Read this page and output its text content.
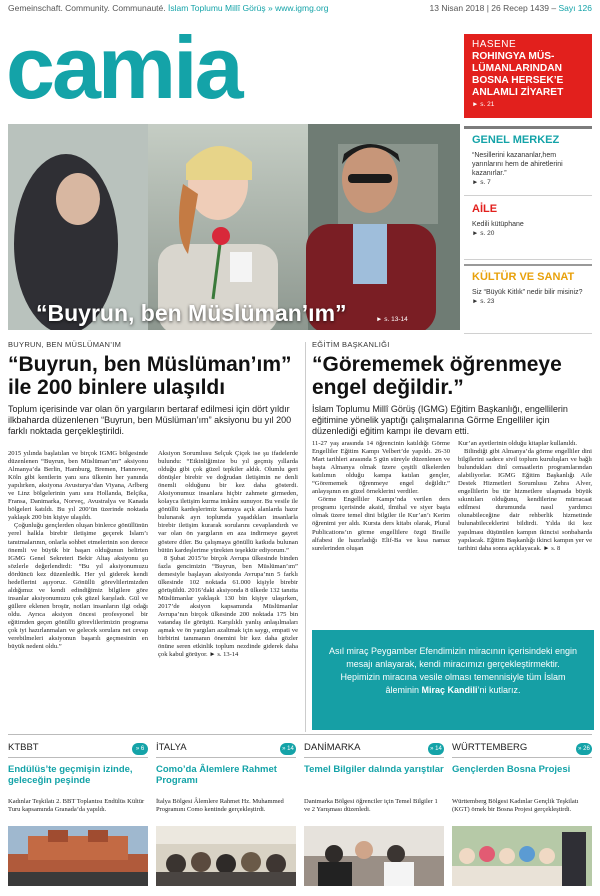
Gemeinschaft. Community. Communauté. İslam Toplumu Millî Görüş » www.igmg.org	13 Nisan 2018 | 26 Recep 1439 – Sayı 126
camia
“Buyrun, ben Müslüman’ım”	► s. 13-14
HASENE
ROHINGYA MÜS-LÜMANLARINDAN BOSNA HERSEK’E ANLAMLI ZİYARET
► s. 21
GENEL MERKEZ
“Nesillerini kazananlar,hem yarınlarını hem de ahiretlerini kazanırlar.”
► s. 7
AİLE
Kedili kütüphane
► s. 20
KÜLTÜR VE SANAT
Siz “Büyük Kitlık” nedir bilir misiniz?
► s. 23
BUYRUN, BEN MÜSLÜMAN’IM
“Buyrun, ben Müslüman’ım” ile 200 binlere ulaşıldı
Toplum içerisinde var olan ön yargıların bertaraf edilmesi için dört yıldır ilkbaharda düzenlenen “Buyrun, ben Müslüman’ım” aksiyonu bu yıl 200 farklı noktada gerçekleştirildi.

2015 yılında başlatılan ve birçok IGMG bölgesinde düzenlenen “Buyrun, ben Müslüman’ım” aksiyonu Almanya’da Berlin, Hamburg, Bremen, Hannover, Köln gibi kentlerin yanı sıra ülkenin her yanında yapılırken, aksiyona Avusturya’dan Viyana, Arlberg ve Linz bölgelerinin yanı sıra Hollanda, Belçika, Fransa, Danimarka, Norveç, Avustralya ve Kanada bölgeleri katıldı. Bu yıl 200’ün üzerinde noktada yaklaşık 200 bin kişiye ulaşıldı.

Çoğunluğu gençlerden oluşan binlerce gönüllünün yerel halkla birebir iletişime geçerek İslam’ı tanıtmalarının, onlarla sohbet etmelerinin son derece önemli ve büyük bir başarı olduğunun belirten IGMG Genel Sekreteri Bekir Altaş aksiyonu şu sözlerle değerlendirdi: “Bu yıl aksiyonumuzu dördüncü kez düzenledik. Her yıl giderek kendi hedeflerini aşıyoruz. Gönüllü görevlilerimizden aldığımız ve kendi edindiğimiz bilgilere göre insanlar aksiyonumuzu çok güzel karşıladı. Gül ve güllere eklenen broşür, notları insanların ilgi odağı oldu. Ayrıca aksiyon öncesi profesyonel bir eğitimden geçen gönüllü görevlilerimizin programa çok iyi hazırlanmaları ve gelecek sorulara net cevap verebilmeleri aksiyonun başarılı geçmesinin en büyük nedeni oldu.”

Aksiyon Sorumlusu Selçuk Çiçek ise şu ifadelerde bulundu: “Etkinliğimize bu yıl geçmiş yıllarda olduğu gibi çok güzel tepkiler aldık. Olumlu geri dönüşler birebir ve doğrudan iletişimin ne denli önemli olduğunu bir kez daha gösterdi. Aksiyonumuz insanlara hiçbir zahmete girmeden, kolayca iletişim kurma imkânı sunuyor. Bu vesile ile gönüllü kardeşlerimiz kamuya açık alanlarda hazır bulunarak ayrı toplumda yaşadıkları insanlarla birebir iletişim kurarak sorularını cevaplandırdı ve var olan ön yargıların en aza indirmeye gayret göstere diler. Bu çalışmaya gönüllü katkıda bulunan bütün kardeşlerime yürekten teşekkür ediyorum.”

8 Şubat 2015’te birçok Avrupa ülkesinde binden fazla gencimizin “Buyrun, ben Müslüman’ım” demesiyle başlayan aksiyonda Avrupa’nın 5 farklı ülkesinde 102 noktada 61.000 kişiyle birebir görüşüldü. 2016’daki aksiyonda 8 ülkede 132 tanıtta Müslümanlar yaklaşık 130 bin kişiye ulaşırken, 2017’de aksiyon kapsamında Müslümanlar Avrupa’nın birçok ülkesinde 200 noktada 175 bin vatandaş ile görüştü. Karşılıklı yanlış anlaşılmaları aşmak ve ön yargıları azaltmak için saygı, empati ve birbirini tanımanın önemini bir kez daha gözler önüne seren etkinlik toplum nezdinde giderek daha çok kabul görüyor. ► s. 13-14

EĞİTİM BAŞKANLIĞI
“Görememek öğrenmeye engel değildir.”
İslam Toplumu Millî Görüş (IGMG) Eğitim Başkanlığı, engellilerin eğitimine yönelik yaptığı çalışmalarına Görme Engelliler için düzenlediği eğitim kampı ile devam etti.

11-27 yaş arasında 14 öğrencinin katıldığı Görme Engelliler Eğitim Kampı Velbert’de yapıldı. 26-30 Mart tarihleri arasında 5 gün süreyle düzenlenen ve başta Almanya olmak üzere çeşitli ülkelerden katılımın olduğu kampa katılan gençler, “Görememek öğrenmeye engel değildir.” anlayışının en güzel örneklerini verdiler.

Görme Engelliler Kampı’nda verilen ders programı içerisinde akaid, ilmihal ve siyer başta olmak üzere temel dini bilgiler ile Kur’an’ı Kerim öğrenimi yer aldı. Kursta ders kitabı olarak, Plural Publications’ın görme engellilere özgü Braille alfabesi ile hazırladığı Elif-Ba ve kısa namaz surelerinden oluşan

Kur’an ayetlerinin olduğu kitaplar kullanıldı.

Bilindiği gibi Almanya’da görme engelliler dini bilgilerini sadece sivil toplum kuruluşları ve bağlı bulundukları dinî cemaatlerin programlarından alabiliyorlar. IGMG Eğitim Başkanlığı Aile Destek Hizmetleri Sorumlusu Zehra Alver, engellilerin bu tür hizmetlere ulaşmada büyük sıkıntıları olduğunu, kendilerine mürracaat edilmesi durumunda nasıl yardımcı olunabileceğine dair rehberlik hizmetinde bulunabileceklerini bildirdi. Yılda iki kez yapılması düşünülen kampın ikincisi sonbaharda yapılacak. Eğitim Başkanlığı ikinci kampın yer ve tarihini daha sonra açıklayacak. ► s. 8

Asıl miraç Peygamber Efendimizin miracının içerisindeki engin mesajı anlayarak, kendi miracımızı gerçekleştirmektir. Hepimizin miracına vesile olması temennisiyle tüm İslam âleminin Miraç Kandili’ni kutlarız.
KTBBT	» 6
Endülüs’te geçmişin izinde, geleceğin peşinde
Kadınlar Teşkilatı 2. BBT Toplantısı Endülüs Kültür Turu kapsamında Granada’da yapıldı.
İTALYA	» 14
Como’da Âlemlere Rahmet Programı
İtalya Bölgesi Âlemlere Rahmet Hz. Muhammed Programını Como kentinde gerçekleştirdi.
DANİMARKA	» 14
Temel Bilgiler dalında yarıştılar
Danimarka Bölgesi öğrenciler için Temel Bilgiler 1 ve 2 Yarışması düzenledi.
WÜRTTEMBERG	» 26
Gençlerden Bosna Projesi
Württemberg Bölgesi Kadınlar Gençlik Teşkilatı (KGT) örnek bir Bosna Projesi gerçekleştirdi.
